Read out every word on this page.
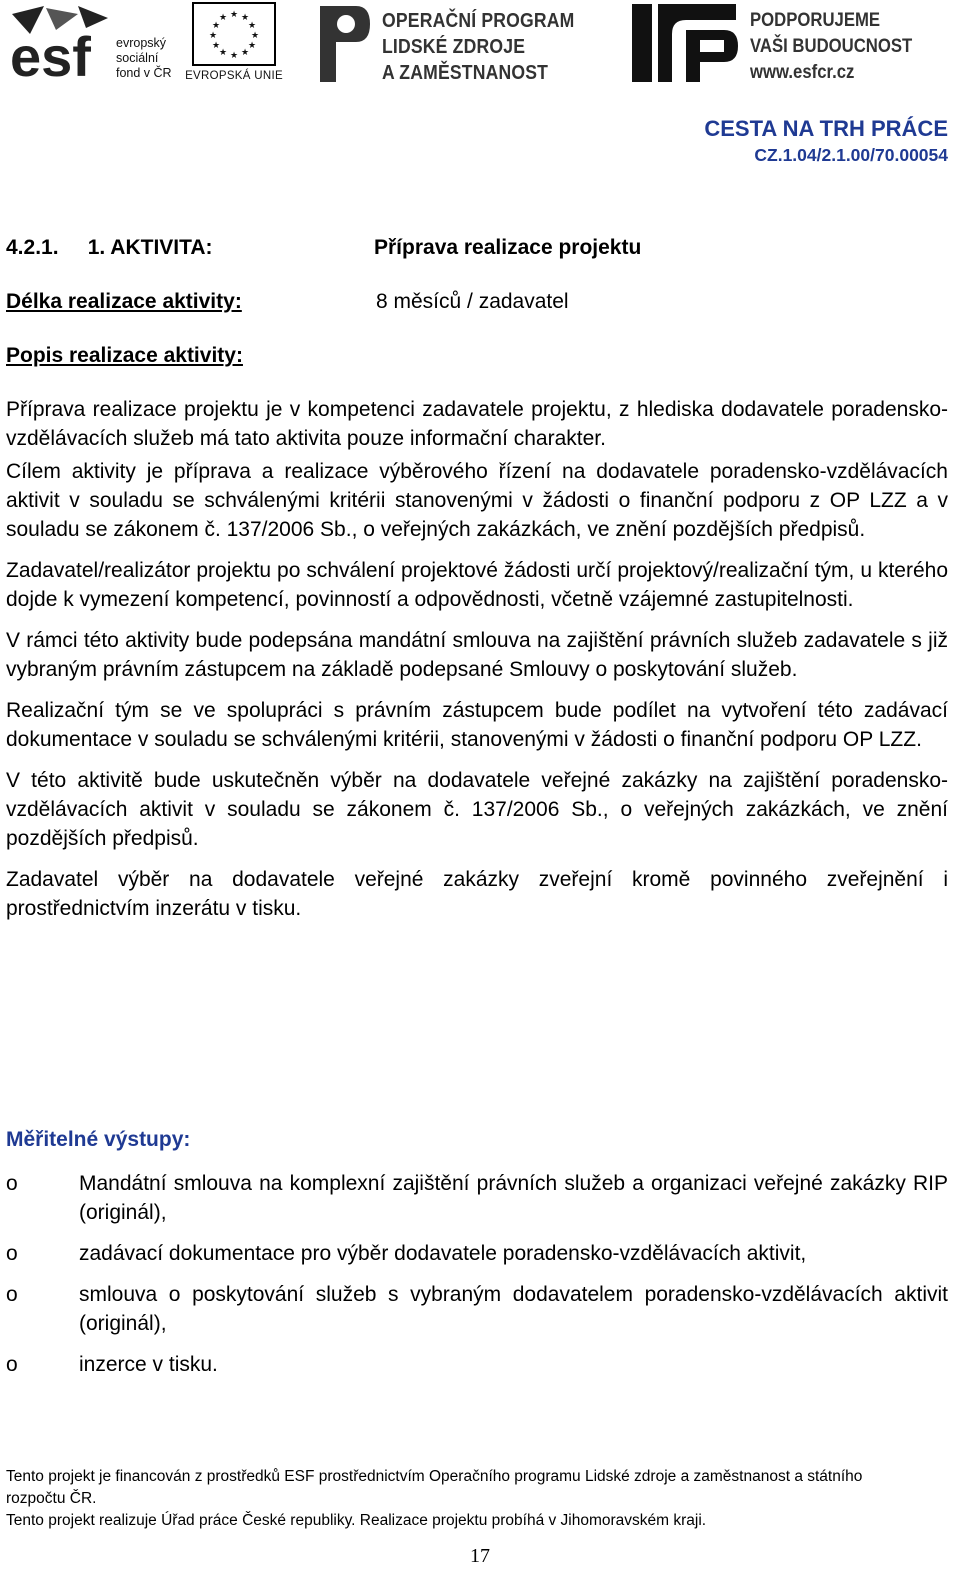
esf evropský
sociální
fond v ČR
★ ★
★
★
★
★
★
★
★
★
★
★
EVROPSKÁ UNIE
OPERAČNÍ PROGRAM
LIDSKÉ ZDROJE
A ZAMĚSTNANOST
PODPORUJEME
VAŠI BUDOUCNOST
www.esfcr.cz
CESTA NA TRH PRÁCE
CZ.1.04/2.1.00/70.00054
4.2.1.     1. AKTIVITA:	Příprava realizace projektu
Délka realizace aktivity:	8 měsíců / zadavatel
Popis realizace aktivity:

Příprava realizace projektu je v kompetenci zadavatele projektu, z hlediska dodavatele poradensko-vzdělávacích služeb má tato aktivita pouze informační charakter.

Cílem aktivity je příprava a realizace výběrového řízení na dodavatele poradensko-vzdělávacích aktivit v souladu se schválenými kritérii stanovenými v žádosti o finanční podporu z OP LZZ a v souladu se zákonem č. 137/2006 Sb., o veřejných zakázkách, ve znění pozdějších předpisů.

Zadavatel/realizátor projektu po schválení projektové žádosti určí projektový/realizační tým, u kterého dojde k vymezení kompetencí, povinností a odpovědnosti, včetně vzájemné zastupitelnosti.

V rámci této aktivity bude podepsána mandátní smlouva na zajištění právních služeb zadavatele s již vybraným právním zástupcem na základě podepsané Smlouvy o poskytování služeb.

Realizační tým se ve spolupráci s právním zástupcem bude podílet na vytvoření této zadávací dokumentace v souladu se schválenými kritérii, stanovenými v žádosti o finanční podporu OP LZZ.

V této aktivitě bude uskutečněn výběr na dodavatele veřejné zakázky na zajištění poradensko-vzdělávacích aktivit v souladu se zákonem č. 137/2006 Sb., o veřejných zakázkách, ve znění pozdějších předpisů.

Zadavatel výběr na dodavatele veřejné zakázky zveřejní kromě povinného zveřejnění i prostřednictvím inzerátu v tisku.

Měřitelné výstupy:
o	Mandátní smlouva na komplexní zajištění právních služeb a organizaci veřejné zakázky RIP (originál),
o	zadávací dokumentace pro výběr dodavatele poradensko-vzdělávacích aktivit,
o	smlouva o poskytování služeb s vybraným dodavatelem poradensko-vzdělávacích aktivit (originál),
o	inzerce v tisku.

Tento projekt je financován z prostředků ESF prostřednictvím Operačního programu Lidské zdroje a zaměstnanost a státního rozpočtu ČR.

Tento projekt realizuje Úřad práce České republiky. Realizace projektu probíhá v Jihomoravském kraji.

17
